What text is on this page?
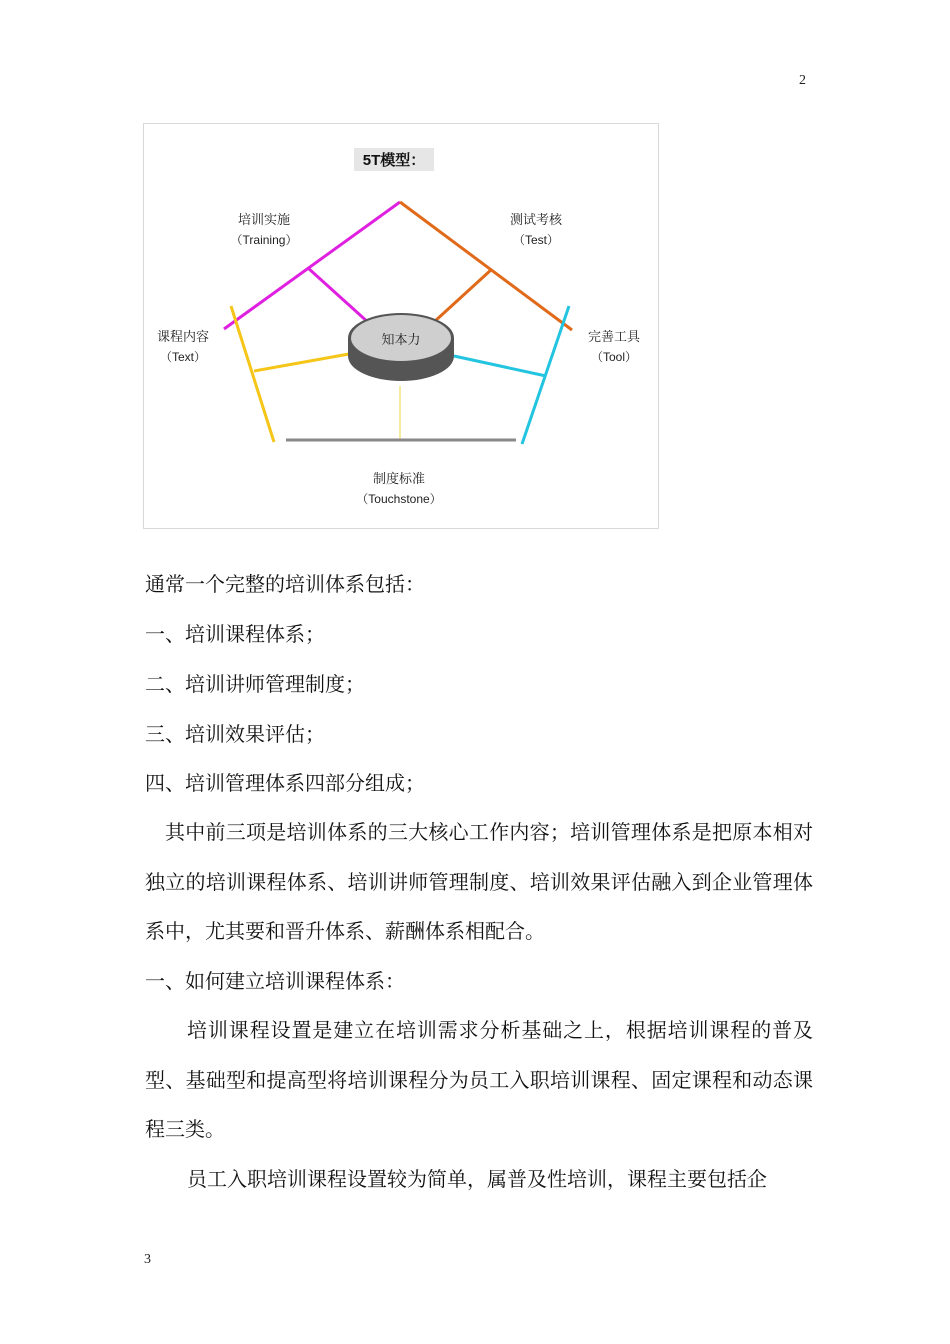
2
5T模型：
培训实施
（Training）
测试考核
（Test）
课程内容
（Text）
完善工具
（Tool）
制度标准
（Touchstone）
知本力

通常一个完整的培训体系包括：

一、培训课程体系；

二、培训讲师管理制度；

三、培训效果评估；

四、培训管理体系四部分组成；

其中前三项是培训体系的三大核心工作内容；培训管理体系是把原本相对独立的培训课程体系、培训讲师管理制度、培训效果评估融入到企业管理体系中，尤其要和晋升体系、薪酬体系相配合。

一、如何建立培训课程体系：

培训课程设置是建立在培训需求分析基础之上，根据培训课程的普及型、基础型和提高型将培训课程分为员工入职培训课程、固定课程和动态课程三类。

员工入职培训课程设置较为简单，属普及性培训，课程主要包括企

3
